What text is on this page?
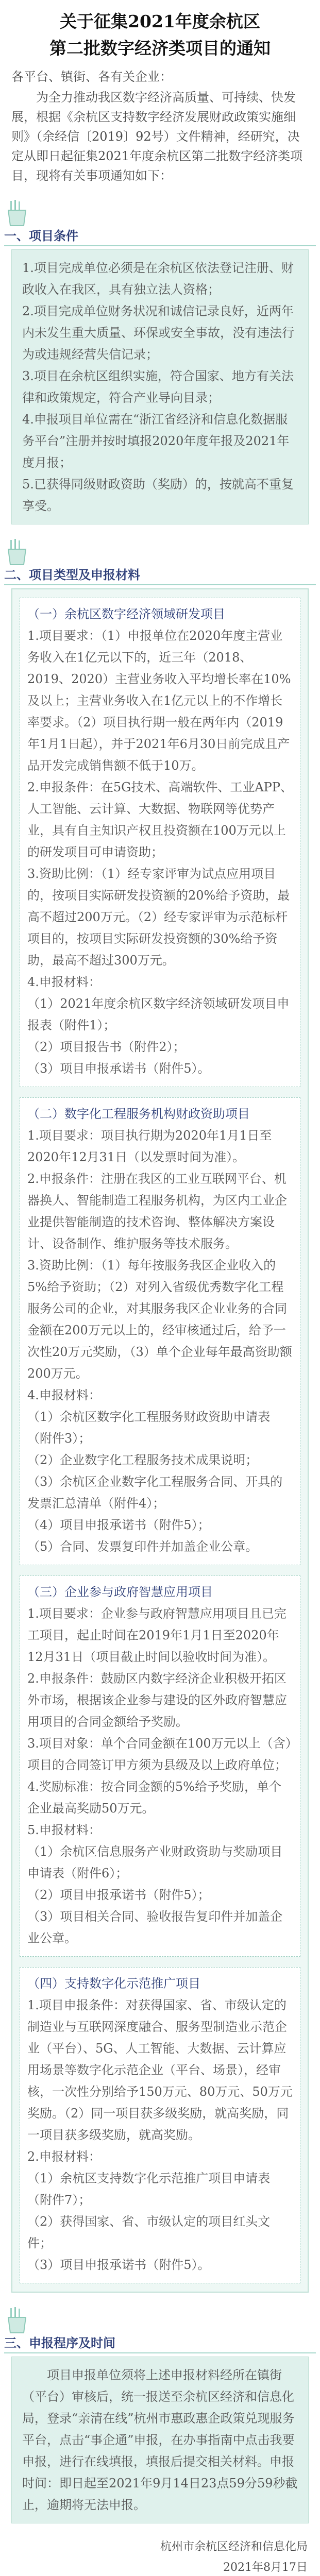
关于征集2021年度余杭区
第二批数字经济类项目的通知

各平台、镇街、各有关企业：

为全力推动我区数字经济高质量、可持续、快发展，根据《余杭区支持数字经济发展财政政策实施细则》（余经信〔2019〕92号）文件精神，经研究，决定从即日起征集2021年度余杭区第二批数字经济类项目，现将有关事项通知如下：

一、项目条件

1.项目完成单位必须是在余杭区依法登记注册、财政收入在我区，具有独立法人资格；

2.项目完成单位财务状况和诚信记录良好，近两年内未发生重大质量、环保或安全事故，没有违法行为或违规经营失信记录；

3.项目在余杭区组织实施，符合国家、地方有关法律和政策规定，符合产业导向目录；

4.申报项目单位需在“浙江省经济和信息化数据服务平台”注册并按时填报2020年度年报及2021年度月报；

5.已获得同级财政资助（奖励）的，按就高不重复享受。

二、项目类型及申报材料

（一）余杭区数字经济领域研发项目

1.项目要求：（1）申报单位在2020年度主营业务收入在1亿元以下的，近三年（2018、2019、2020）主营业务收入平均增长率在10%及以上；主营业务收入在1亿元以上的不作增长率要求。（2）项目执行期一般在两年内（2019年1月1日起），并于2021年6月30日前完成且产品开发完成销售额不低于10万。

2.申报条件：在5G技术、高端软件、工业APP、人工智能、云计算、大数据、物联网等优势产业，具有自主知识产权且投资额在100万元以上的研发项目可申请资助；

3.资助比例：（1）经专家评审为试点应用项目的，按项目实际研发投资额的20%给予资助，最高不超过200万元。（2）经专家评审为示范标杆项目的，按项目实际研发投资额的30%给予资助，最高不超过300万元。

4.申报材料：

（1）2021年度余杭区数字经济领域研发项目申报表（附件1）；

（2）项目报告书（附件2）；

（3）项目申报承诺书（附件5）。

（二）数字化工程服务机构财政资助项目

1.项目要求：项目执行期为2020年1月1日至2020年12月31日（以发票时间为准）。

2.申报条件：注册在我区的工业互联网平台、机器换人、智能制造工程服务机构，为区内工业企业提供智能制造的技术咨询、整体解决方案设计、设备制作、维护服务等技术服务。

3.资助比例：（1）每年按服务我区企业收入的5%给予资助；（2）对列入省级优秀数字化工程服务公司的企业，对其服务我区企业业务的合同金额在200万元以上的，经审核通过后，给予一次性20万元奖励，（3）单个企业每年最高资助额200万元。

4.申报材料：

（1）余杭区数字化工程服务财政资助申请表（附件3）；

（2）企业数字化工程服务技术成果说明；

（3）余杭区企业数字化工程服务合同、开具的发票汇总清单（附件4）；

（4）项目申报承诺书（附件5）；

（5）合同、发票复印件并加盖企业公章。

（三）企业参与政府智慧应用项目

1.项目要求：企业参与政府智慧应用项目且已完工项目，起止时间在2019年1月1日至2020年12月31日（项目截止时间以验收时间为准）。

2.申报条件：鼓励区内数字经济企业积极开拓区外市场，根据该企业参与建设的区外政府智慧应用项目的合同金额给予奖励。

3.项目对象：单个合同金额在100万元以上（含）项目的合同签订甲方须为县级及以上政府单位；

4.奖励标准：按合同金额的5%给予奖励，单个企业最高奖励50万元。

5.申报材料：

（1）余杭区信息服务产业财政资助与奖励项目申请表（附件6）；

（2）项目申报承诺书（附件5）；

（3）项目相关合同、验收报告复印件并加盖企业公章。

（四）支持数字化示范推广项目

1.项目申报条件：对获得国家、省、市级认定的制造业与互联网深度融合、服务型制造业示范企业（平台）、5G、人工智能、大数据、云计算应用场景等数字化示范企业（平台、场景），经审核，一次性分别给予150万元、80万元、50万元奖励。（2）同一项目获多级奖励，就高奖励，同一项目获多级奖励，就高奖励。

2.申报材料：

（1）余杭区支持数字化示范推广项目申请表（附件7）；

（2）获得国家、省、市级认定的项目红头文件；

（3）项目申报承诺书（附件5）。

三、申报程序及时间

项目申报单位须将上述申报材料经所在镇街（平台）审核后，统一报送至余杭区经济和信息化局，登录“亲清在线”杭州市惠政惠企政策兑现服务平台，点击“事企通”申报，在办事指南中点击我要申报，进行在线填报，填报后提交相关材料。申报时间：即日起至2021年9月14日23点59分59秒截止，逾期将无法申报。

杭州市余杭区经济和信息化局
2021年8月17日
